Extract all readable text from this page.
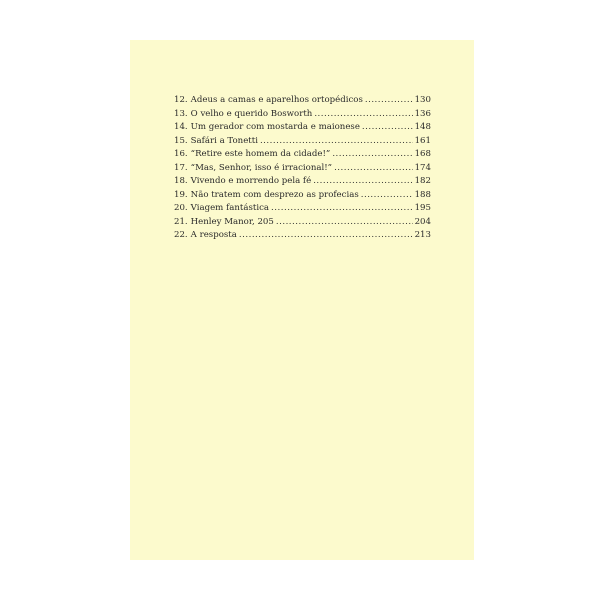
12. Adeus a camas e aparelhos ortopédicos .....	130
13. O velho e querido Bosworth .....	136
14. Um gerador com mostarda e maionese .....	148
15. Safári a Tonetti .....	161
16. “Retire este homem da cidade!” .....	168
17. “Mas, Senhor, isso é irracional!” .....	174
18. Vivendo e morrendo pela fé .....	182
19. Não tratem com desprezo as profecias .....	188
20. Viagem fantástica .....	195
21. Henley Manor, 205 .....	204
22. A resposta .....	213
